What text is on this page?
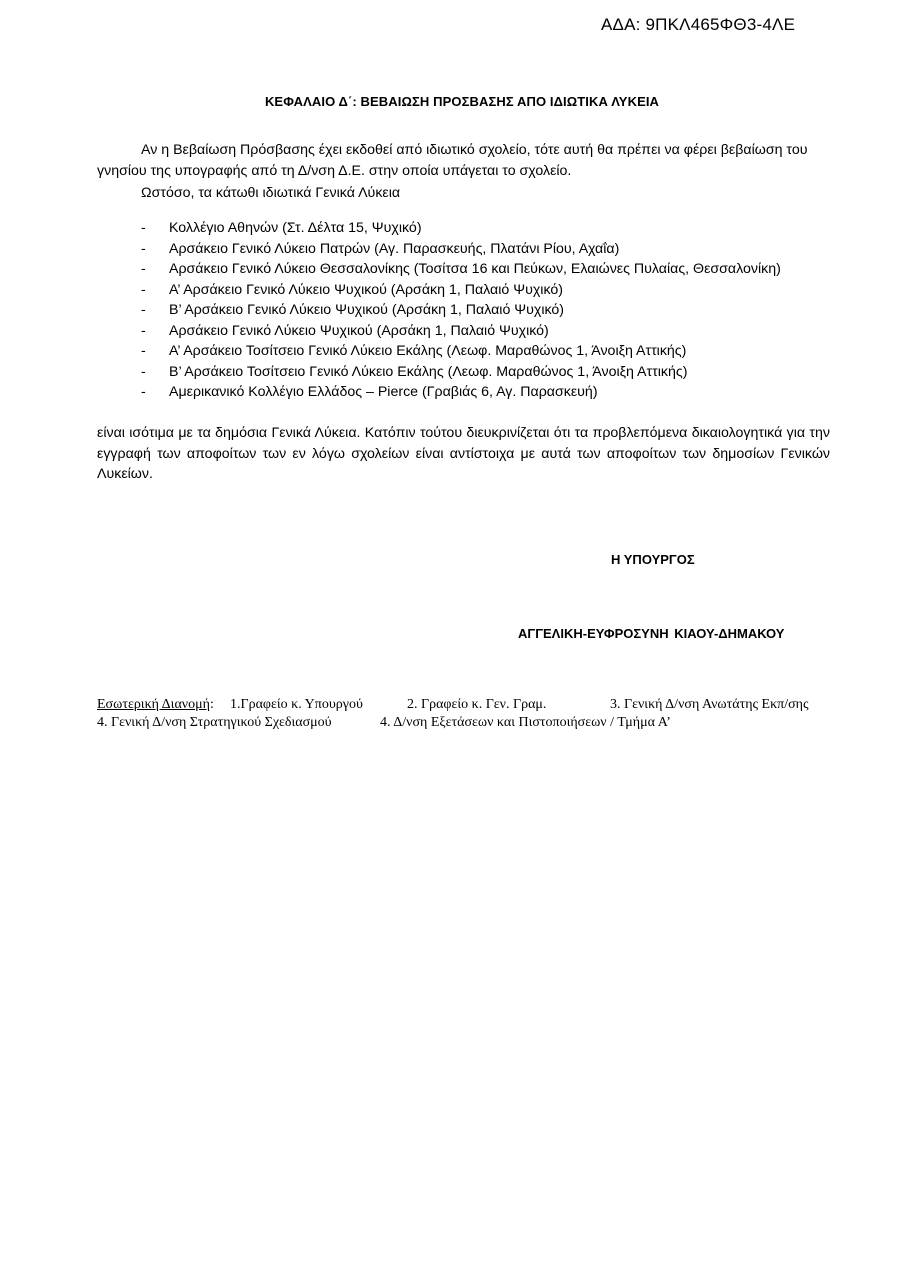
ΑΔΑ: 9ΠΚΛ465ΦΘ3-4ΛΕ
ΚΕΦΑΛΑΙΟ Δ΄: ΒΕΒΑΙΩΣΗ ΠΡΟΣΒΑΣΗΣ ΑΠΟ ΙΔΙΩΤΙΚΑ ΛΥΚΕΙΑ
Αν η Βεβαίωση Πρόσβασης έχει εκδοθεί από ιδιωτικό σχολείο, τότε αυτή θα πρέπει να φέρει βεβαίωση του γνησίου της υπογραφής από τη Δ/νση Δ.Ε. στην οποία υπάγεται το σχολείο.
Ωστόσο, τα κάτωθι ιδιωτικά Γενικά Λύκεια
- Κολλέγιο Αθηνών (Στ. Δέλτα 15, Ψυχικό)
- Αρσάκειο Γενικό Λύκειο Πατρών (Αγ. Παρασκευής, Πλατάνι Ρίου, Αχαΐα)
- Αρσάκειο Γενικό Λύκειο Θεσσαλονίκης (Τοσίτσα 16 και Πεύκων, Ελαιώνες Πυλαίας, Θεσσαλονίκη)
- Α’ Αρσάκειο Γενικό Λύκειο Ψυχικού (Αρσάκη 1, Παλαιό Ψυχικό)
- Β’ Αρσάκειο Γενικό Λύκειο Ψυχικού (Αρσάκη 1, Παλαιό Ψυχικό)
- Αρσάκειο Γενικό Λύκειο Ψυχικού (Αρσάκη 1, Παλαιό Ψυχικό)
- Α’ Αρσάκειο Τοσίτσειο Γενικό Λύκειο Εκάλης (Λεωφ. Μαραθώνος 1, Άνοιξη Αττικής)
- Β’ Αρσάκειο Τοσίτσειο Γενικό Λύκειο Εκάλης (Λεωφ. Μαραθώνος 1, Άνοιξη Αττικής)
- Αμερικανικό Κολλέγιο Ελλάδος – Pierce (Γραβιάς 6, Αγ. Παρασκευή)
είναι ισότιμα με τα δημόσια Γενικά Λύκεια. Κατόπιν τούτου διευκρινίζεται ότι τα προβλεπόμενα δικαιολογητικά για την εγγραφή των αποφοίτων των εν λόγω σχολείων είναι αντίστοιχα με αυτά των αποφοίτων των δημοσίων Γενικών Λυκείων.
Η ΥΠΟΥΡΓΟΣ
ΑΓΓΕΛΙΚΗ-ΕΥΦΡΟΣΥΝΗ ΚΙΑΟΥ-ΔΗΜΑΚΟΥ
Εσωτερική Διανομή: 1.Γραφείο κ. Υπουργού	2. Γραφείο κ. Γεν. Γραμ.	3. Γενική Δ/νση Ανωτάτης Εκπ/σης
4. Γενική Δ/νση Στρατηγικού Σχεδιασμού	4. Δ/νση Εξετάσεων και Πιστοποιήσεων / Τμήμα Α’
